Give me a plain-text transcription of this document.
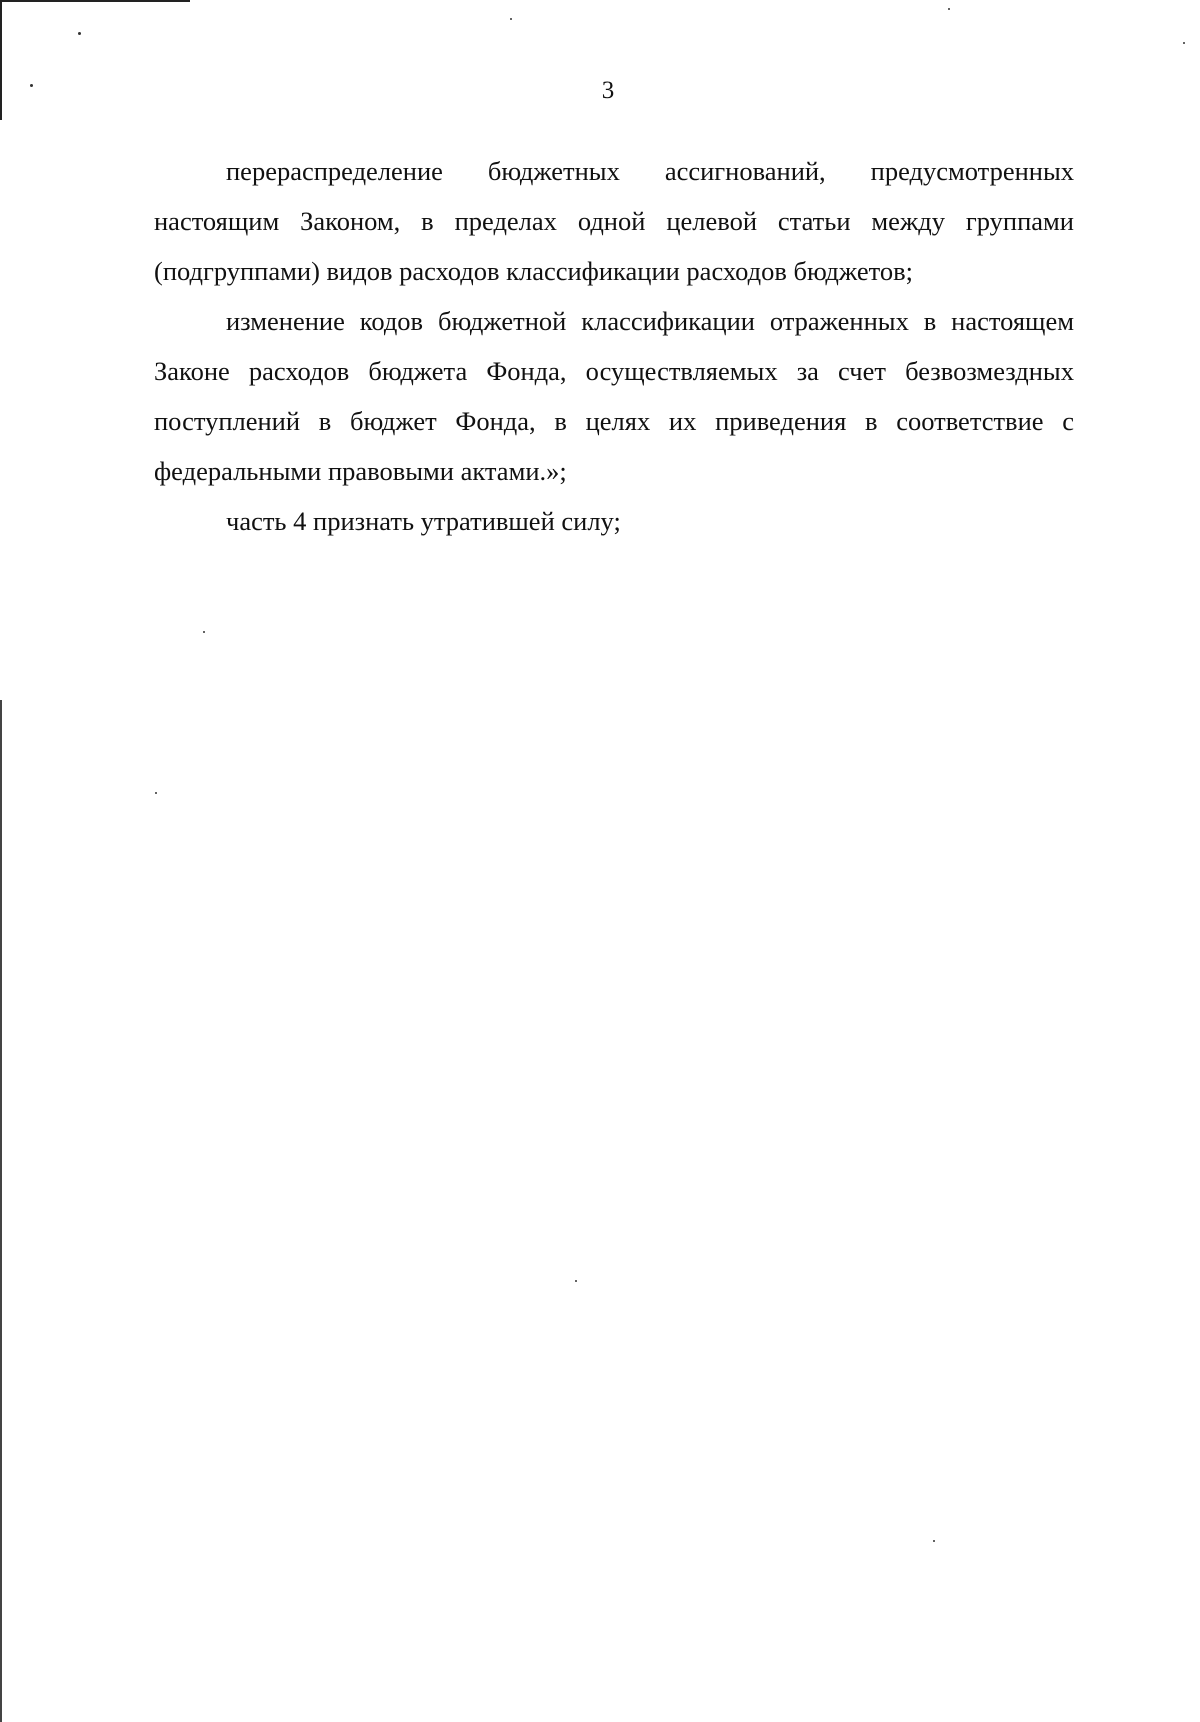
3

перераспределение бюджетных ассигнований, предусмотренных настоящим Законом, в пределах одной целевой статьи между группами (подгруппами) видов расходов классификации расходов бюджетов;

изменение кодов бюджетной классификации отраженных в настоящем Законе расходов бюджета Фонда, осуществляемых за счет безвозмездных поступлений в бюджет Фонда, в целях их приведения в соответствие с федеральными правовыми актами.»;

часть 4 признать утратившей силу;
